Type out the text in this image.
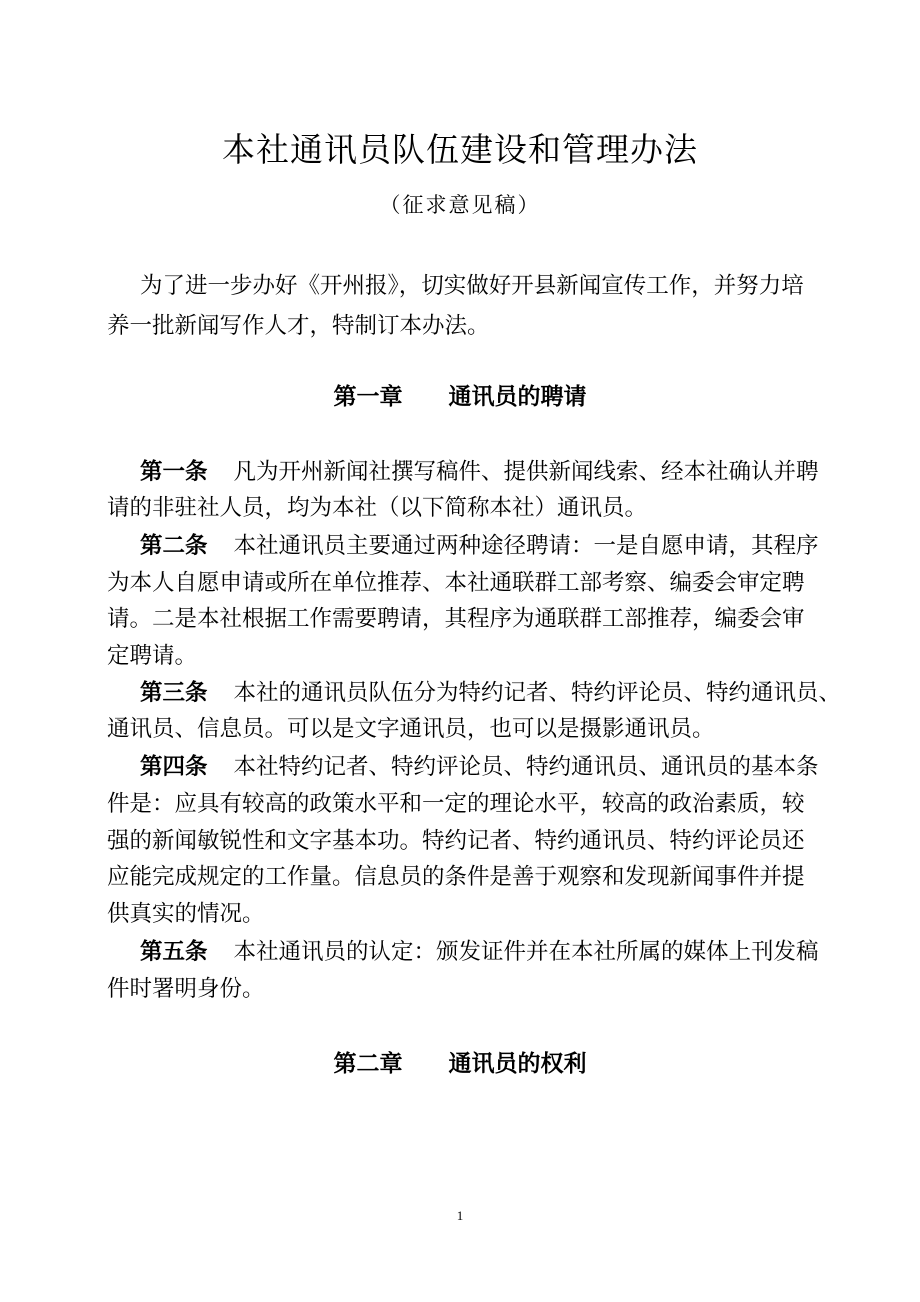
本社通讯员队伍建设和管理办法
（征求意见稿）
为了进一步办好《开州报》，切实做好开县新闻宣传工作，并努力培
养一批新闻写作人才，特制订本办法。
第一章 通讯员的聘请
第一条 凡为开州新闻社撰写稿件、提供新闻线索、经本社确认并聘
请的非驻社人员，均为本社（以下简称本社）通讯员。
第二条 本社通讯员主要通过两种途径聘请：一是自愿申请，其程序
为本人自愿申请或所在单位推荐、本社通联群工部考察、编委会审定聘
请。二是本社根据工作需要聘请，其程序为通联群工部推荐，编委会审
定聘请。
第三条 本社的通讯员队伍分为特约记者、特约评论员、特约通讯员、
通讯员、信息员。可以是文字通讯员，也可以是摄影通讯员。
第四条 本社特约记者、特约评论员、特约通讯员、通讯员的基本条
件是：应具有较高的政策水平和一定的理论水平，较高的政治素质，较
强的新闻敏锐性和文字基本功。特约记者、特约通讯员、特约评论员还
应能完成规定的工作量。信息员的条件是善于观察和发现新闻事件并提
供真实的情况。
第五条 本社通讯员的认定：颁发证件并在本社所属的媒体上刊发稿
件时署明身份。
第二章 通讯员的权利
1
